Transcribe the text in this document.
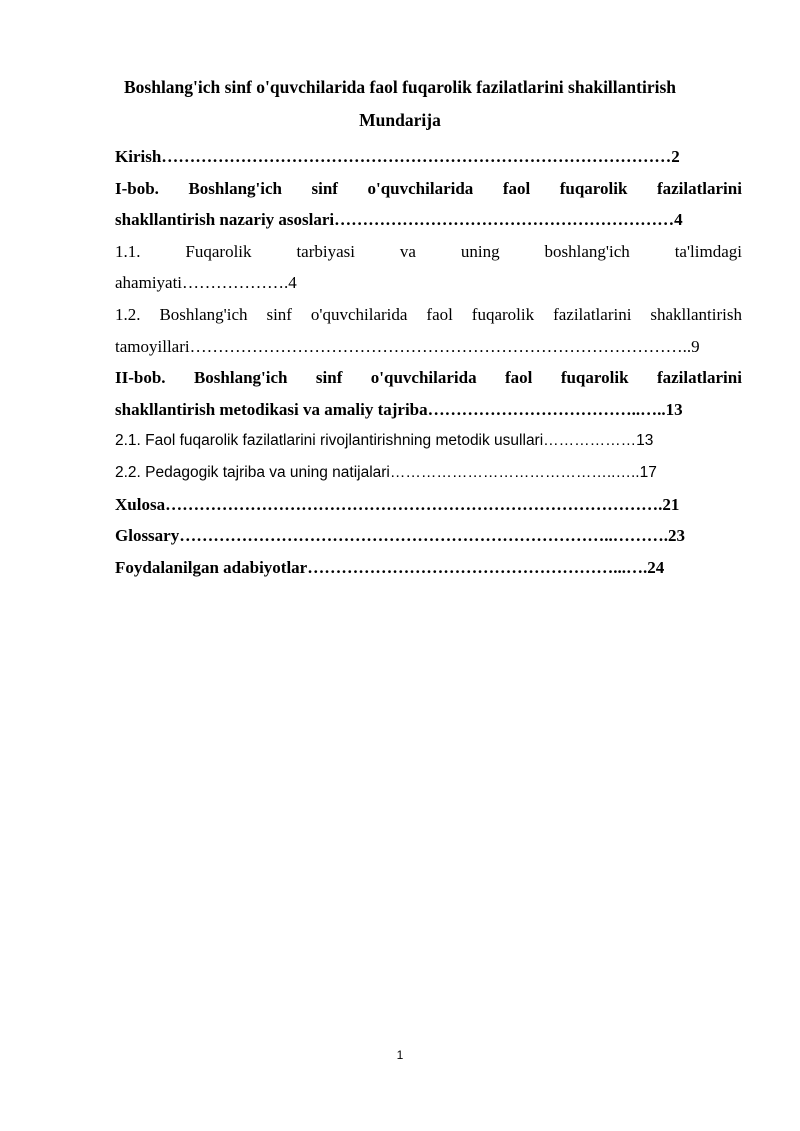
Boshlang'ich sinf o'quvchilarida faol fuqarolik fazilatlarini shakillantirish
Mundarija
Kirish………………………………………………………………………………2
I-bob. Boshlang'ich sinf o'quvchilarida faol fuqarolik fazilatlarini
shakllantirish nazariy asoslari……………………………………………………4
1.1.	Fuqarolik	tarbiyasi	va	uning	boshlang'ich	ta'limdagi
ahamiyati……………….4
1.2. Boshlang'ich sinf o'quvchilarida faol fuqarolik fazilatlarini shakllantirish
tamoyillari……………………………………………………………………………..9
II-bob. Boshlang'ich sinf o'quvchilarida faol fuqarolik fazilatlarini
shakllantirish metodikasi va amaliy tajriba………………………………..…..13
2.1. Faol fuqarolik fazilatlarini rivojlantirishning metodik usullari………………13
2.2. Pedagogik tajriba va uning natijalari……………………………………..…..17
Xulosa…………………………………………………………………………….21
Glossary…………………………………………………………………..……….23
Foydalanilgan adabiyotlar………………………………………………...….24
1
